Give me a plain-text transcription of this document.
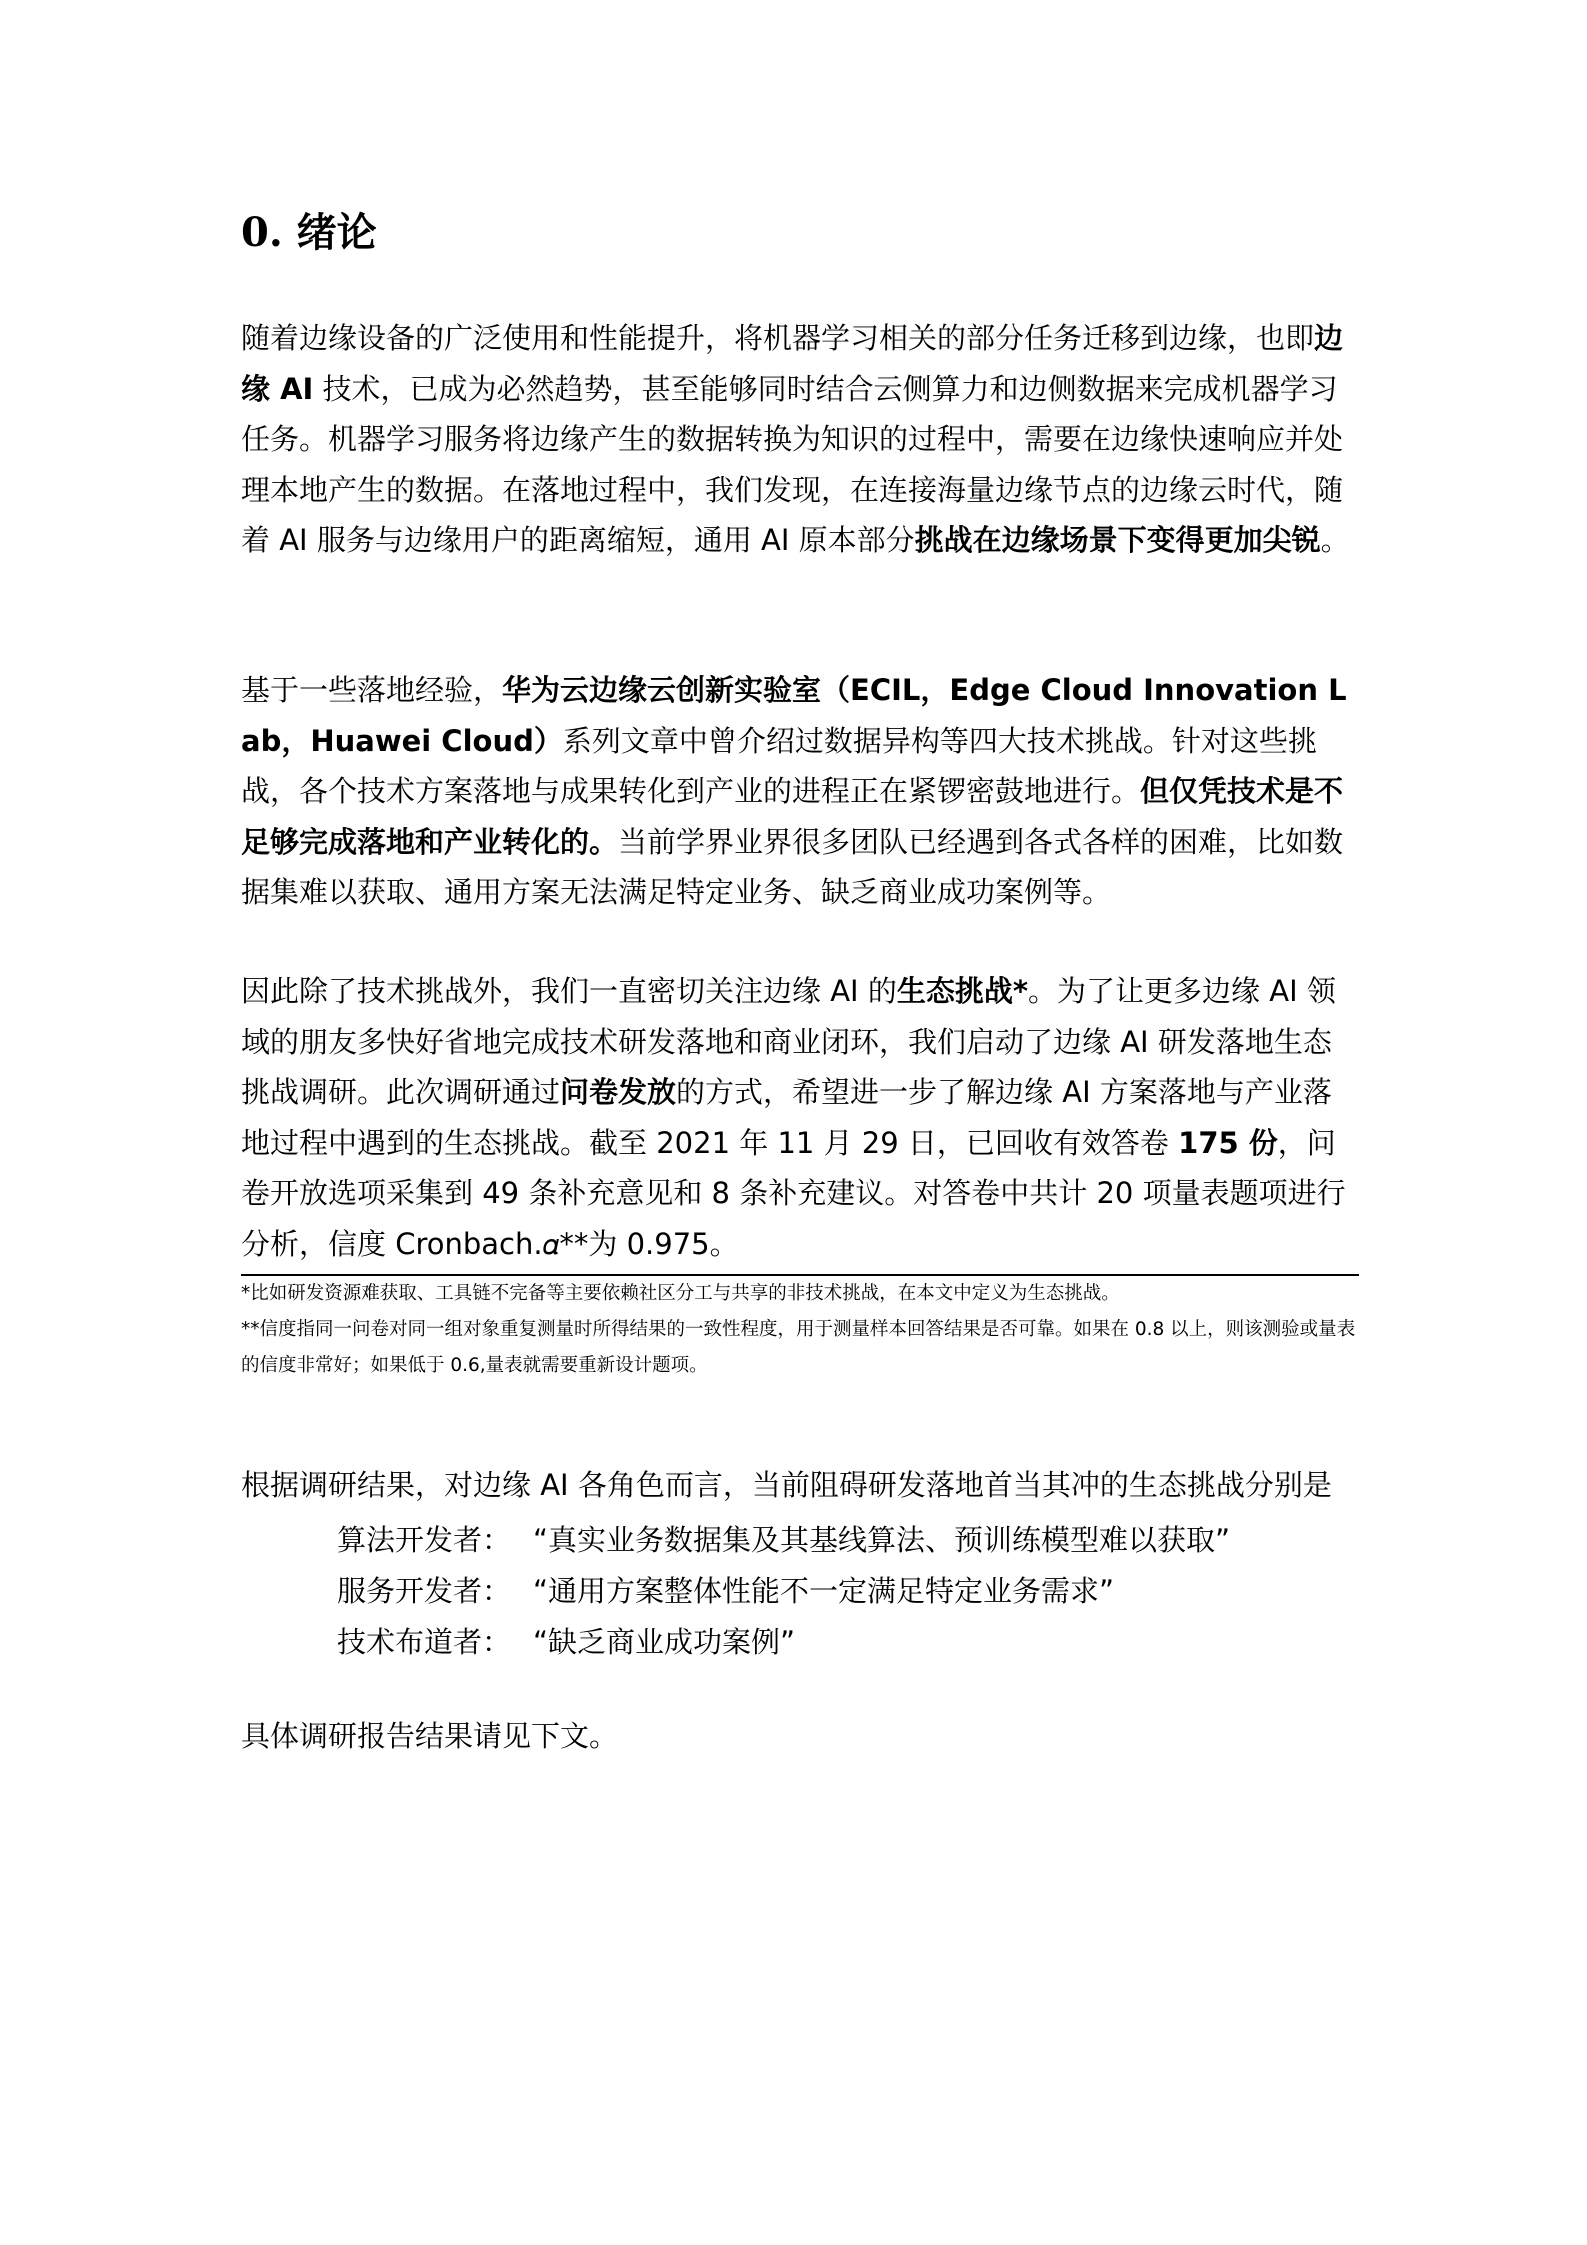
0. 绪论

随着边缘设备的广泛使用和性能提升，将机器学习相关的部分任务迁移到边缘，也即边缘 AI 技术，已成为必然趋势，甚至能够同时结合云侧算力和边侧数据来完成机器学习任务。机器学习服务将边缘产生的数据转换为知识的过程中，需要在边缘快速响应并处理本地产生的数据。在落地过程中，我们发现，在连接海量边缘节点的边缘云时代，随着 AI 服务与边缘用户的距离缩短，通用 AI 原本部分挑战在边缘场景下变得更加尖锐。

基于一些落地经验，华为云边缘云创新实验室（ECIL，Edge Cloud Innovation Lab，Huawei Cloud）系列文章中曾介绍过数据异构等四大技术挑战。针对这些挑战，各个技术方案落地与成果转化到产业的进程正在紧锣密鼓地进行。但仅凭技术是不足够完成落地和产业转化的。当前学界业界很多团队已经遇到各式各样的困难，比如数据集难以获取、通用方案无法满足特定业务、缺乏商业成功案例等。

因此除了技术挑战外，我们一直密切关注边缘 AI 的生态挑战*。为了让更多边缘 AI 领域的朋友多快好省地完成技术研发落地和商业闭环，我们启动了边缘 AI 研发落地生态挑战调研。此次调研通过问卷发放的方式，希望进一步了解边缘 AI 方案落地与产业落地过程中遇到的生态挑战。截至 2021 年 11 月 29 日，已回收有效答卷 175 份，问卷开放选项采集到 49 条补充意见和 8 条补充建议。对答卷中共计 20 项量表题项进行分析，信度 Cronbach.𝛼**为 0.975。

*比如研发资源难获取、工具链不完备等主要依赖社区分工与共享的非技术挑战，在本文中定义为生态挑战。

**信度指同一问卷对同一组对象重复测量时所得结果的一致性程度，用于测量样本回答结果是否可靠。如果在 0.8 以上，则该测验或量表的信度非常好；如果低于 0.6,量表就需要重新设计题项。

根据调研结果，对边缘 AI 各角色而言，当前阻碍研发落地首当其冲的生态挑战分别是

算法开发者： “真实业务数据集及其基线算法、预训练模型难以获取”
服务开发者： “通用方案整体性能不一定满足特定业务需求”
技术布道者： “缺乏商业成功案例”

具体调研报告结果请见下文。
